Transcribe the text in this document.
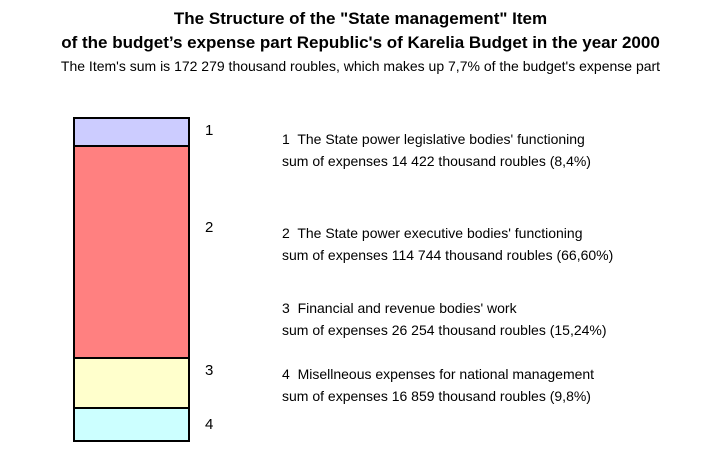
The Structure of the "State management" Item
of the budget’s expense part Republic's of Karelia Budget in the year 2000
The Item's sum is 172 279 thousand roubles, which makes up 7,7% of the budget's expense part
1
2
3
4
1  The State power legislative bodies' functioning
sum of expenses 14 422 thousand roubles (8,4%)
2  The State power executive bodies' functioning
sum of expenses 114 744 thousand roubles (66,60%)
3  Financial and revenue bodies' work
sum of expenses 26 254 thousand roubles (15,24%)
4  Misellneous expenses for national management
sum of expenses 16 859 thousand roubles (9,8%)
